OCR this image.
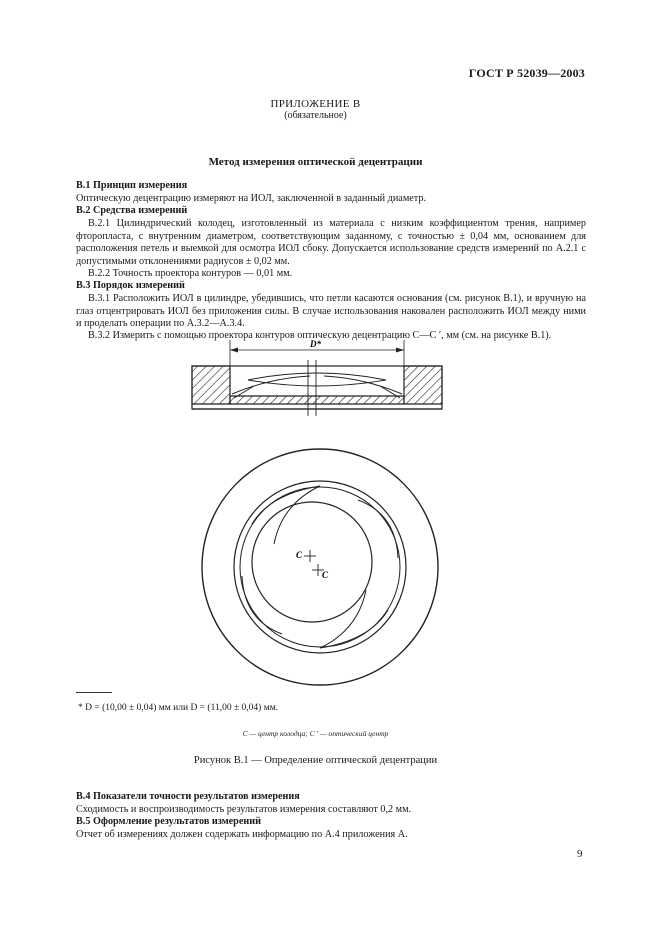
ГОСТ Р 52039—2003
ПРИЛОЖЕНИЕ В
(обязательное)
Метод измерения оптической децентрации
В.1 Принцип измерения
Оптическую децентрацию измеряют на ИОЛ, заключенной в заданный диаметр.
В.2 Средства измерений
В.2.1 Цилиндрический колодец, изготовленный из материала с низким коэффициентом трения, например фторопласта, с внутренним диаметром, соответствующим заданному, с точностью ± 0,04 мм, основанием для расположения петель и выемкой для осмотра ИОЛ сбоку. Допускается использование средств измерений по А.2.1 с допустимыми отклонениями радиусов ± 0,02 мм.
В.2.2 Точность проектора контуров — 0,01 мм.
В.3 Порядок измерений
В.3.1 Расположить ИОЛ в цилиндре, убедившись, что петли касаются основания (см. рисунок В.1), и вручную на глаз отцентрировать ИОЛ без приложения силы. В случае использования наковален расположить ИОЛ между ними и проделать операции по А.3.2—А.3.4.
В.3.2 Измерить с помощью проектора контуров оптическую децентрацию C—C ′, мм (см. на рисунке В.1).
D*
C
C
* D = (10,00 ± 0,04) мм или D = (11,00 ± 0,04) мм.
C — центр колодца; C ′ — оптический центр
Рисунок В.1 — Определение оптической децентрации
В.4 Показатели точности результатов измерения
Сходимость и воспроизводимость результатов измерения составляют 0,2 мм.
В.5 Оформление результатов измерений
Отчет об измерениях должен содержать информацию по А.4 приложения А.
9
